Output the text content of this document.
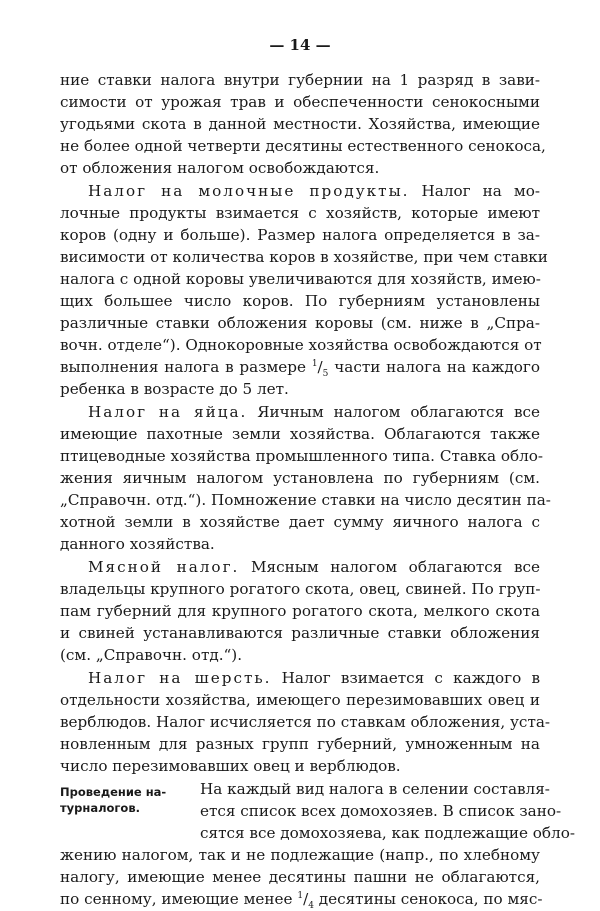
— 14 —
ние ставки налога внутри губернии на 1 разряд в зави-
симости от урожая трав и обеспеченности сенокосными
угодьями скота в данной местности. Хозяйства, имеющие
не более одной четверти десятины естественного сенокоса,
от обложения налогом освобождаются.
Налог на молочные продукты. Налог на мо-
лочные продукты взимается с хозяйств, которые имеют
коров (одну и больше). Размер налога определяется в за-
висимости от количества коров в хозяйстве, при чем ставки
налога с одной коровы увеличиваются для хозяйств, имею-
щих большее число коров. По губерниям установлены
различные ставки обложения коровы (см. ниже в „Спра-
вочн. отделе“). Однокоровные хозяйства освобождаются от
выполнения налога в размере $^1/_5$ части налога на каждого
ребенка в возрасте до 5 лет.
Налог на яйца. Яичным налогом облагаются все
имеющие пахотные земли хозяйства. Облагаются также
птицеводные хозяйства промышленного типа. Ставка обло-
жения яичным налогом установлена по губерниям (см.
„Справочн. отд.“). Помножение ставки на число десятин па-
хотной земли в хозяйстве дает сумму яичного налога с
данного хозяйства.
Мясной налог. Мясным налогом облагаются все
владельцы крупного рогатого скота, овец, свиней. По груп-
пам губерний для крупного рогатого скота, мелкого скота
и свиней устанавливаются различные ставки обложения
(см. „Справочн. отд.“).
Налог на шерсть. Налог взимается с каждого в
отдельности хозяйства, имеющего перезимовавших овец и
верблюдов. Налог исчисляется по ставкам обложения, уста-
новленным для разных групп губерний, умноженным на
число перезимовавших овец и верблюдов.
Проведение на-
турналогов.
На каждый вид налога в селении составля-
ется список всех домохозяев. В список зано-
сятся все домохозяева, как подлежащие обло-
жению налогом, так и не подлежащие (напр., по хлебному
налогу, имеющие менее десятины пашни не облагаются,
по сенному, имеющие менее $^1/_4$ десятины сенокоса, по мяс-
